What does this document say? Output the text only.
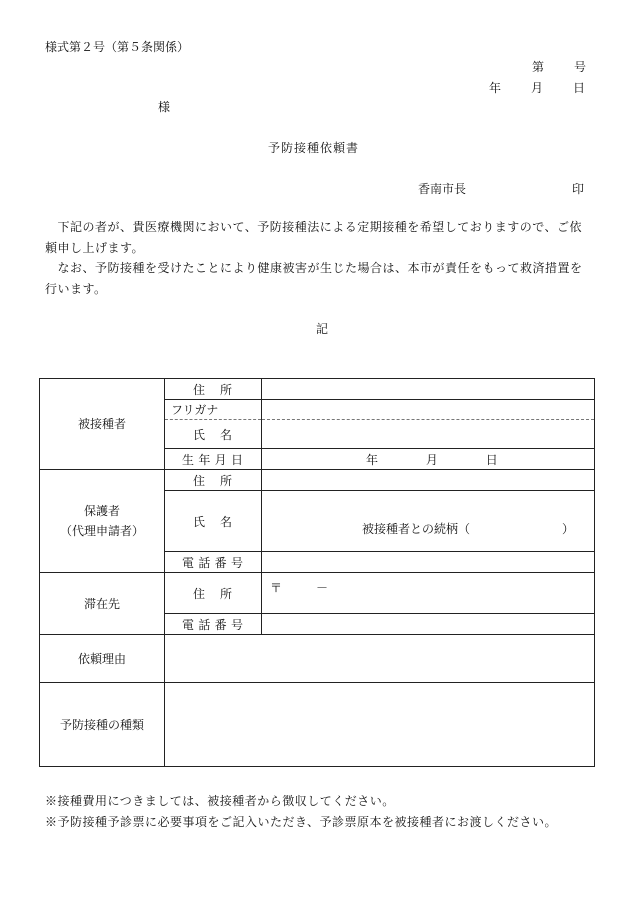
様式第２号（第５条関係）
第	号
年	月	日
様
予防接種依頼書
香南市長	印
　下記の者が、貴医療機関において、予防接種法による定期接種を希望しておりますので、ご依頼申し上げます。
　なお、予防接種を受けたことにより健康被害が生じた場合は、本市が責任をもって救済措置を行います。
記
被接種者	住　所	
	フリガナ	
	氏　名	
	生年月日	年 月 日
保護者
（代理申請者）	住　所	
	氏　名	被接種者との続柄（ ）

	電話番号	
滞在先	住　所	〒 －

	電話番号	
依頼理由		
予防接種の種類		
※接種費用につきましては、被接種者から徴収してください。
※予防接種予診票に必要事項をご記入いただき、予診票原本を被接種者にお渡しください。
